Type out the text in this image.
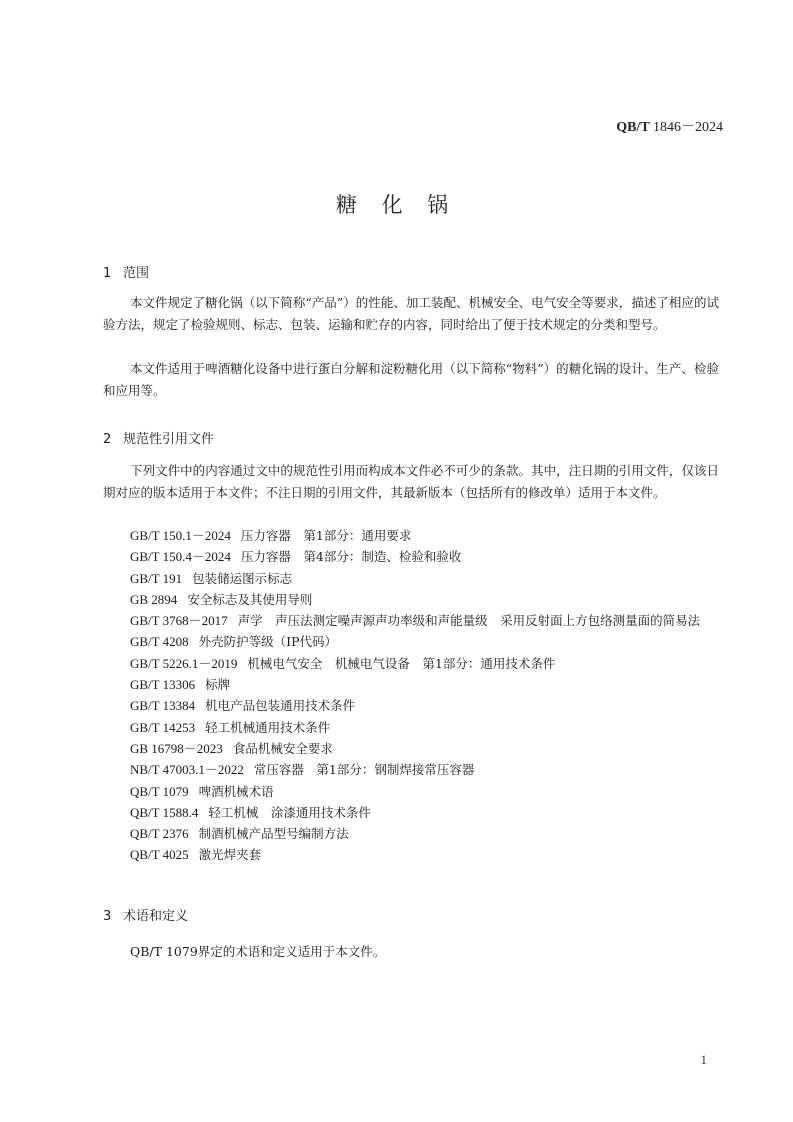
QB/T 1846－2024
糖 化 锅
1 范围

本文件规定了糖化锅（以下简称“产品”）的性能、加工装配、机械安全、电气安全等要求，描述了相应的试验方法，规定了检验规则、标志、包装、运输和贮存的内容，同时给出了便于技术规定的分类和型号。

本文件适用于啤酒糖化设备中进行蛋白分解和淀粉糖化用（以下简称“物料”）的糖化锅的设计、生产、检验和应用等。

2 规范性引用文件

下列文件中的内容通过文中的规范性引用而构成本文件必不可少的条款。其中，注日期的引用文件，仅该日期对应的版本适用于本文件；不注日期的引用文件，其最新版本（包括所有的修改单）适用于本文件。

GB/T 150.1－2024 压力容器　第1部分：通用要求
GB/T 150.4－2024 压力容器　第4部分：制造、检验和验收
GB/T 191 包装储运图示标志
GB 2894 安全标志及其使用导则
GB/T 3768－2017 声学　声压法测定噪声源声功率级和声能量级　采用反射面上方包络测量面的简易法
GB/T 4208 外壳防护等级（IP代码）
GB/T 5226.1－2019 机械电气安全　机械电气设备　第1部分：通用技术条件
GB/T 13306 标牌
GB/T 13384 机电产品包装通用技术条件
GB/T 14253 轻工机械通用技术条件
GB 16798－2023 食品机械安全要求
NB/T 47003.1－2022 常压容器　第1部分：钢制焊接常压容器
QB/T 1079 啤酒机械术语
QB/T 1588.4 轻工机械　涂漆通用技术条件
QB/T 2376 制酒机械产品型号编制方法
QB/T 4025 激光焊夹套
3 术语和定义

QB/T 1079界定的术语和定义适用于本文件。

1
